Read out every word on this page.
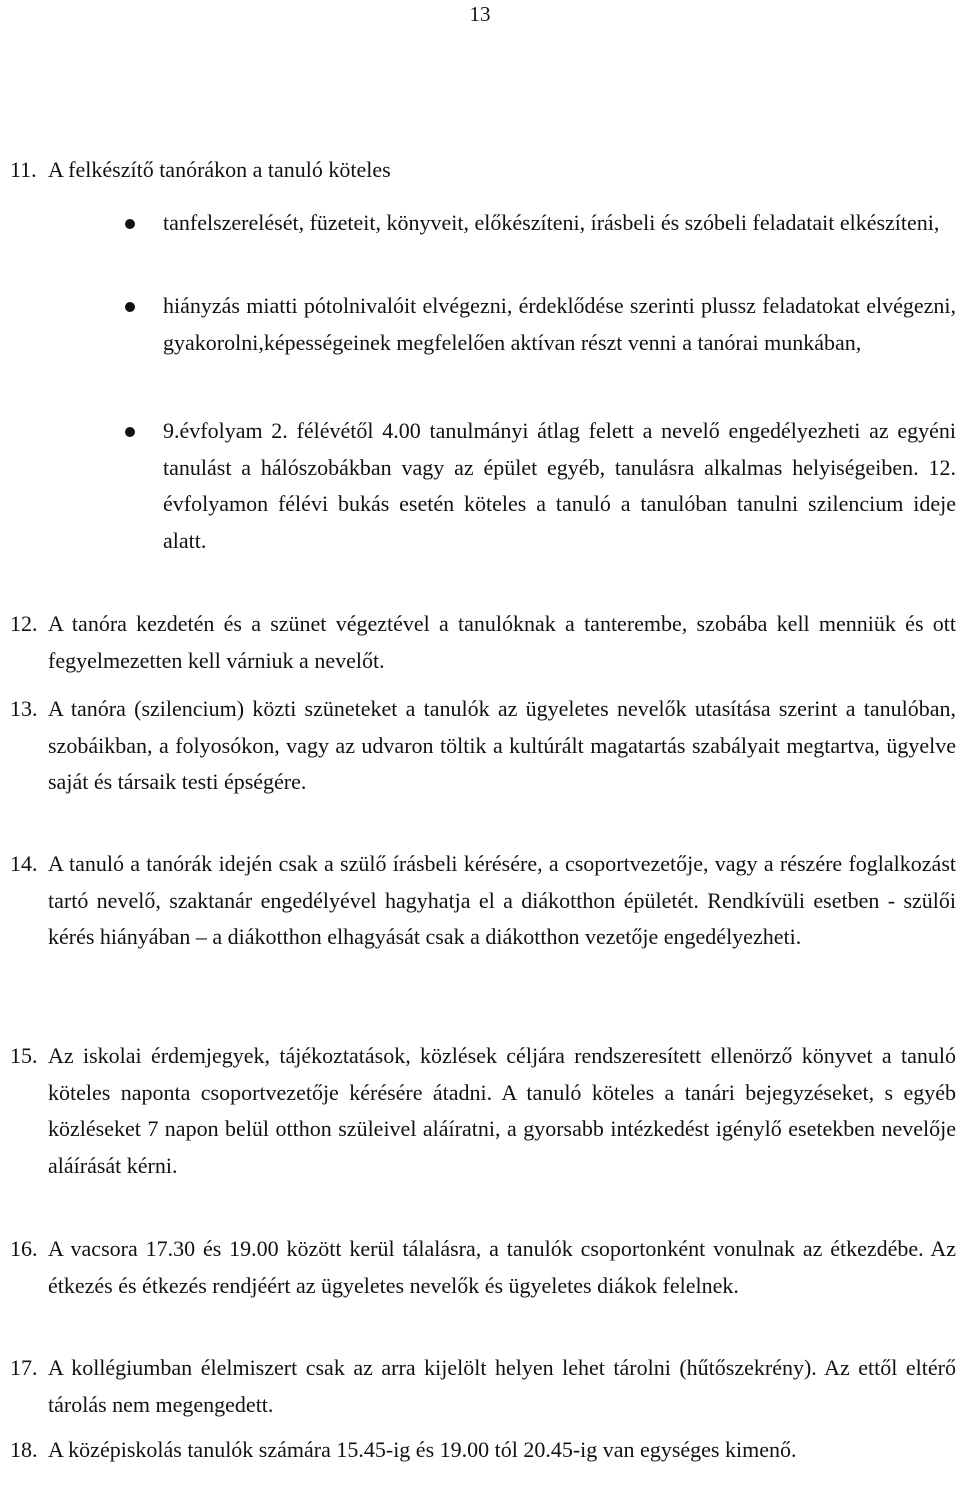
13
11. A felkészítő tanórákon a tanuló köteles
tanfelszerelését, füzeteit, könyveit, előkészíteni, írásbeli és szóbeli feladatait elkészíteni,
hiányzás miatti pótolnivalóit elvégezni, érdeklődése szerinti plussz feladatokat elvégezni, gyakorolni,képességeinek megfelelően aktívan részt venni a tanórai munkában,
9.évfolyam 2. félévétől 4.00 tanulmányi átlag felett a nevelő engedélyezheti az egyéni tanulást a hálószobákban vagy az épület egyéb, tanulásra alkalmas helyiségeiben. 12. évfolyamon félévi bukás esetén köteles a tanuló a tanulóban tanulni szilencium ideje alatt.
12. A tanóra kezdetén és a szünet végeztével a tanulóknak a tanterembe, szobába kell menniük és ott fegyelmezetten kell várniuk a nevelőt.
13. A tanóra (szilencium) közti szüneteket a tanulók az ügyeletes nevelők utasítása szerint a tanulóban, szobáikban, a folyosókon, vagy az udvaron töltik a kultúrált magatartás szabályait megtartva, ügyelve saját és társaik testi épségére.
14. A tanuló a tanórák idején csak a szülő írásbeli kérésére, a csoportvezetője, vagy a részére foglalkozást tartó nevelő, szaktanár engedélyével hagyhatja el a diákotthon épületét. Rendkívüli esetben - szülői kérés hiányában – a diákotthon elhagyását csak a diákotthon vezetője engedélyezheti.
15. Az iskolai érdemjegyek, tájékoztatások, közlések céljára rendszeresített ellenörző könyvet a tanuló köteles naponta csoportvezetője kérésére átadni. A tanuló köteles a tanári bejegyzéseket, s egyéb közléseket 7 napon belül otthon szüleivel aláíratni, a gyorsabb intézkedést igénylő esetekben nevelője aláírását kérni.
16. A vacsora 17.30 és 19.00 között kerül tálalásra, a tanulók csoportonként vonulnak az étkezdébe. Az étkezés és étkezés rendjéért az ügyeletes nevelők és ügyeletes diákok felelnek.
17. A kollégiumban élelmiszert csak az arra kijelölt helyen lehet tárolni (hűtőszekrény). Az ettől eltérő tárolás nem megengedett.
18. A középiskolás tanulók számára 15.45-ig és 19.00 tól 20.45-ig van egységes kimenő.
